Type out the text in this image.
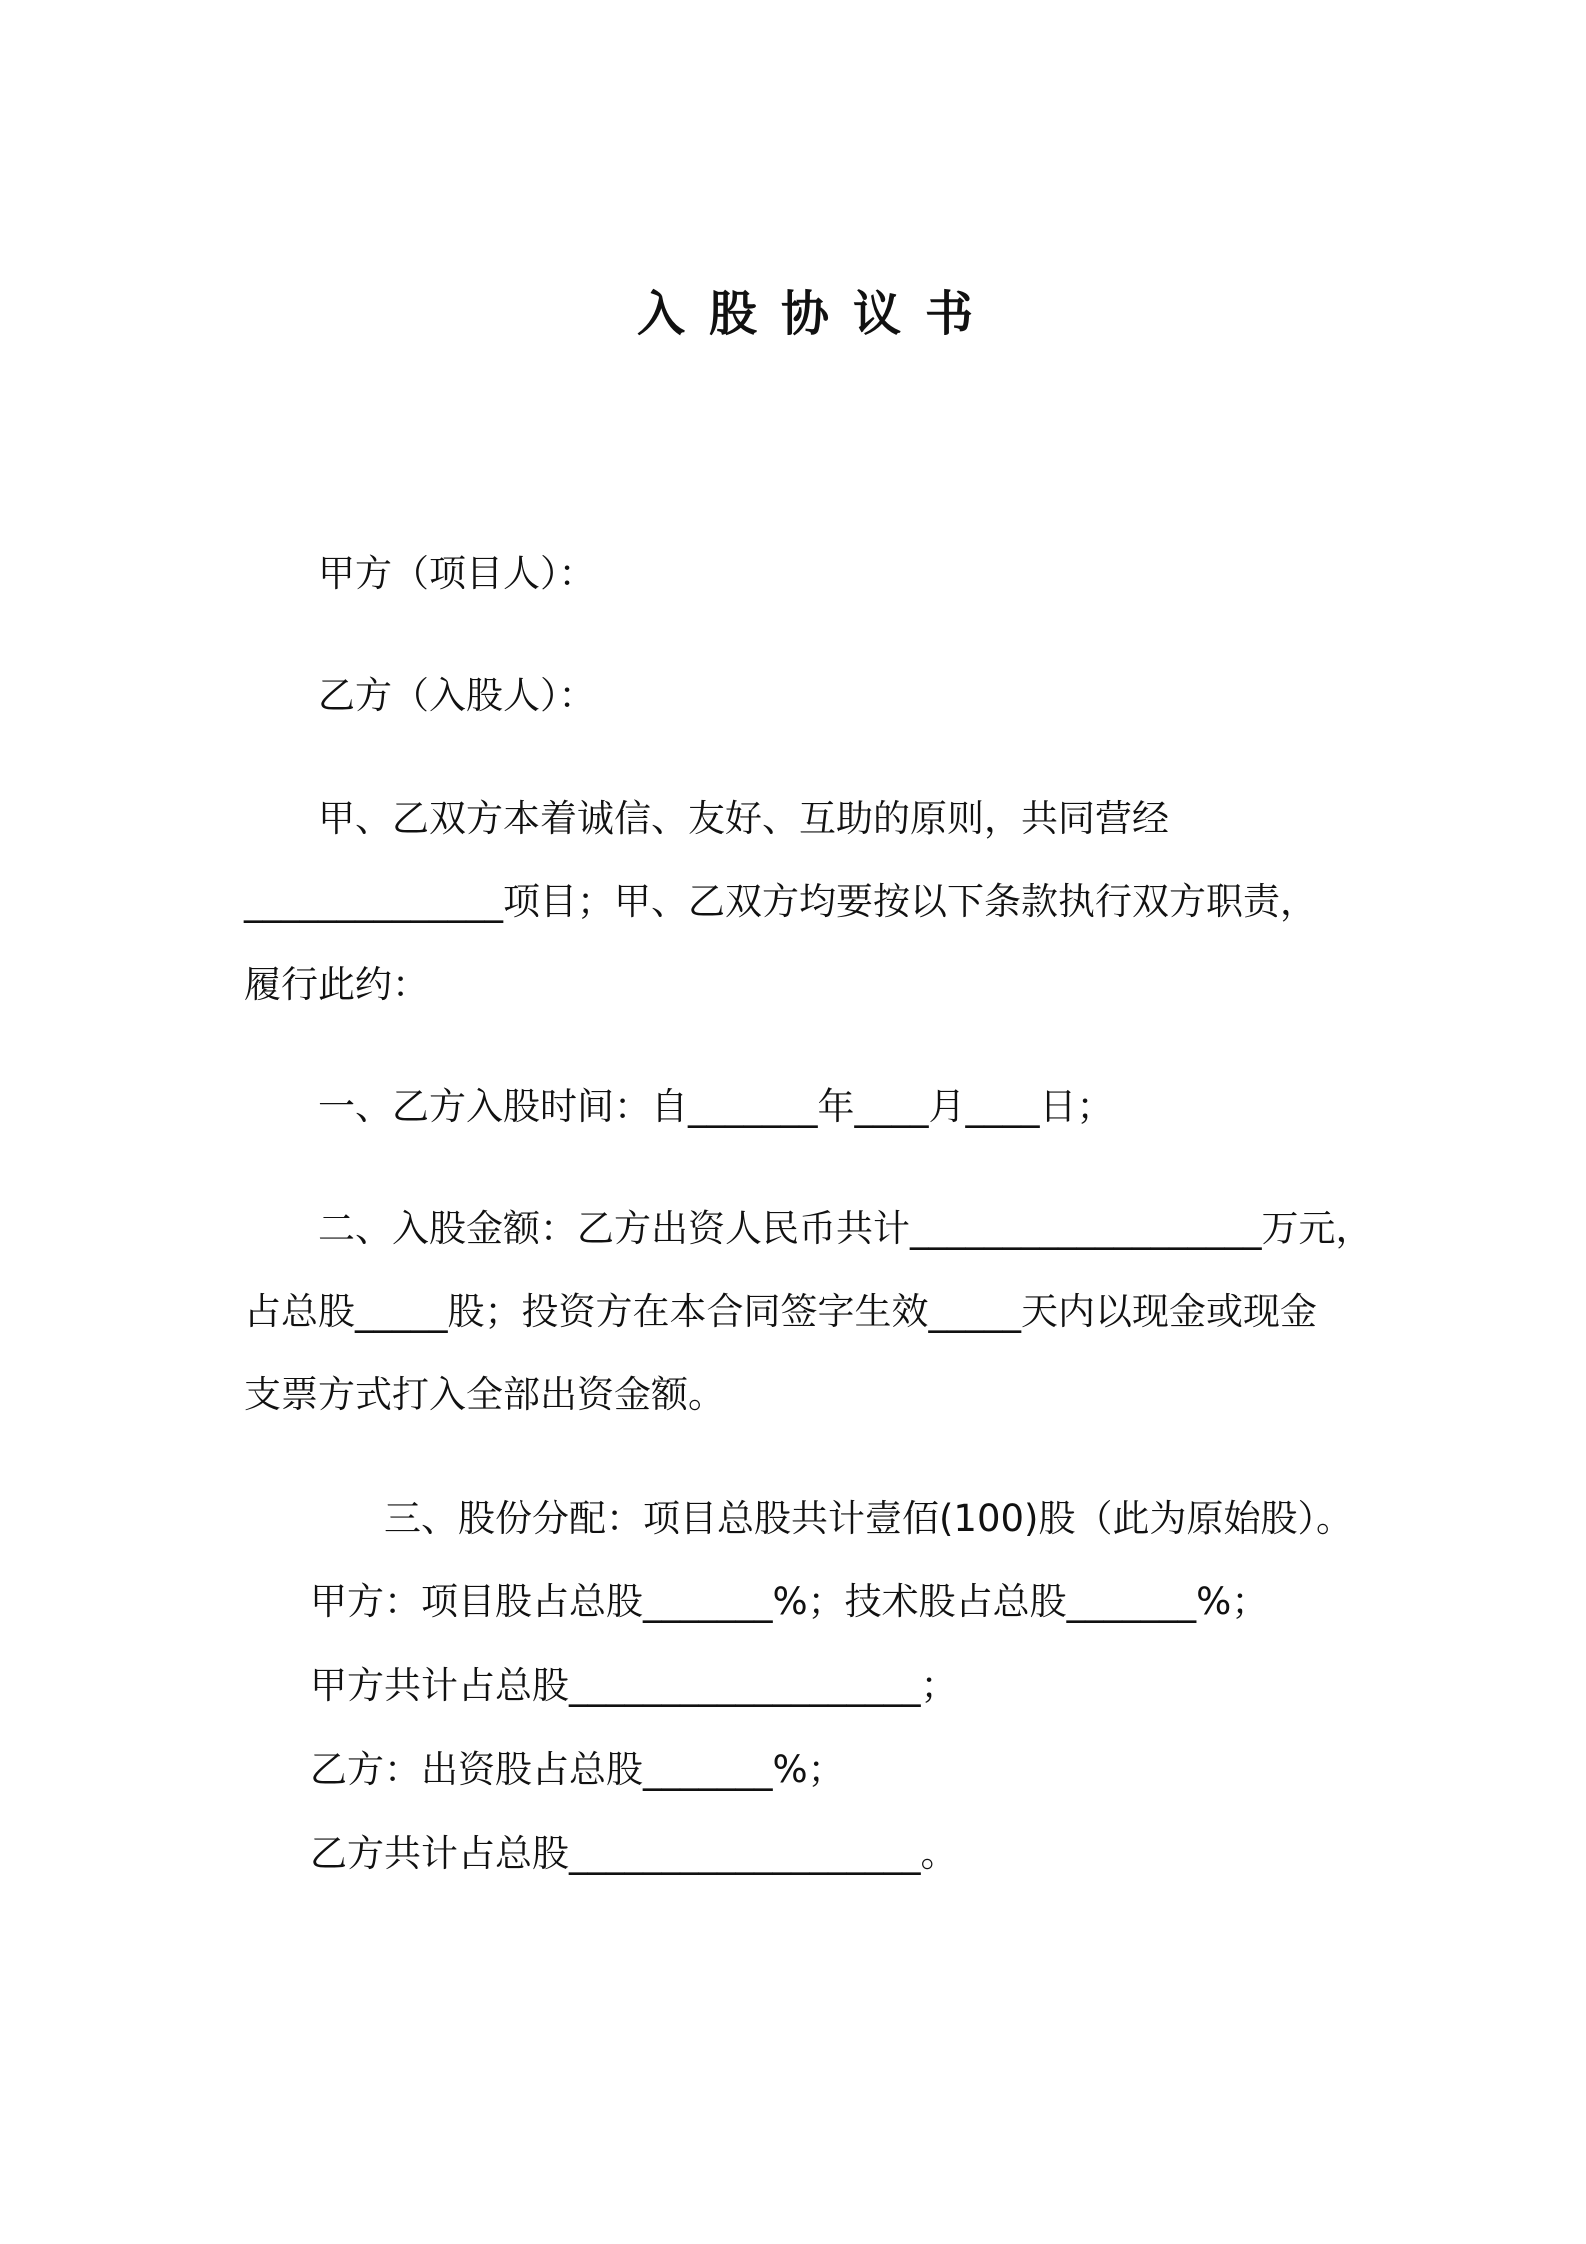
入股协议书
甲方（项目人）：
乙方（入股人）：
甲、乙双方本着诚信、友好、互助的原则，共同营经
______________项目；甲、乙双方均要按以下条款执行双方职责，
履行此约：
一、乙方入股时间：自_______年____月____日；
二、入股金额：乙方出资人民币共计___________________万元，
占总股_____股；投资方在本合同签字生效_____天内以现金或现金
支票方式打入全部出资金额。
三、股份分配：项目总股共计壹佰(100)股（此为原始股）。
甲方：项目股占总股_______%；技术股占总股_______%；
甲方共计占总股___________________；
乙方：出资股占总股_______%；
乙方共计占总股___________________。
